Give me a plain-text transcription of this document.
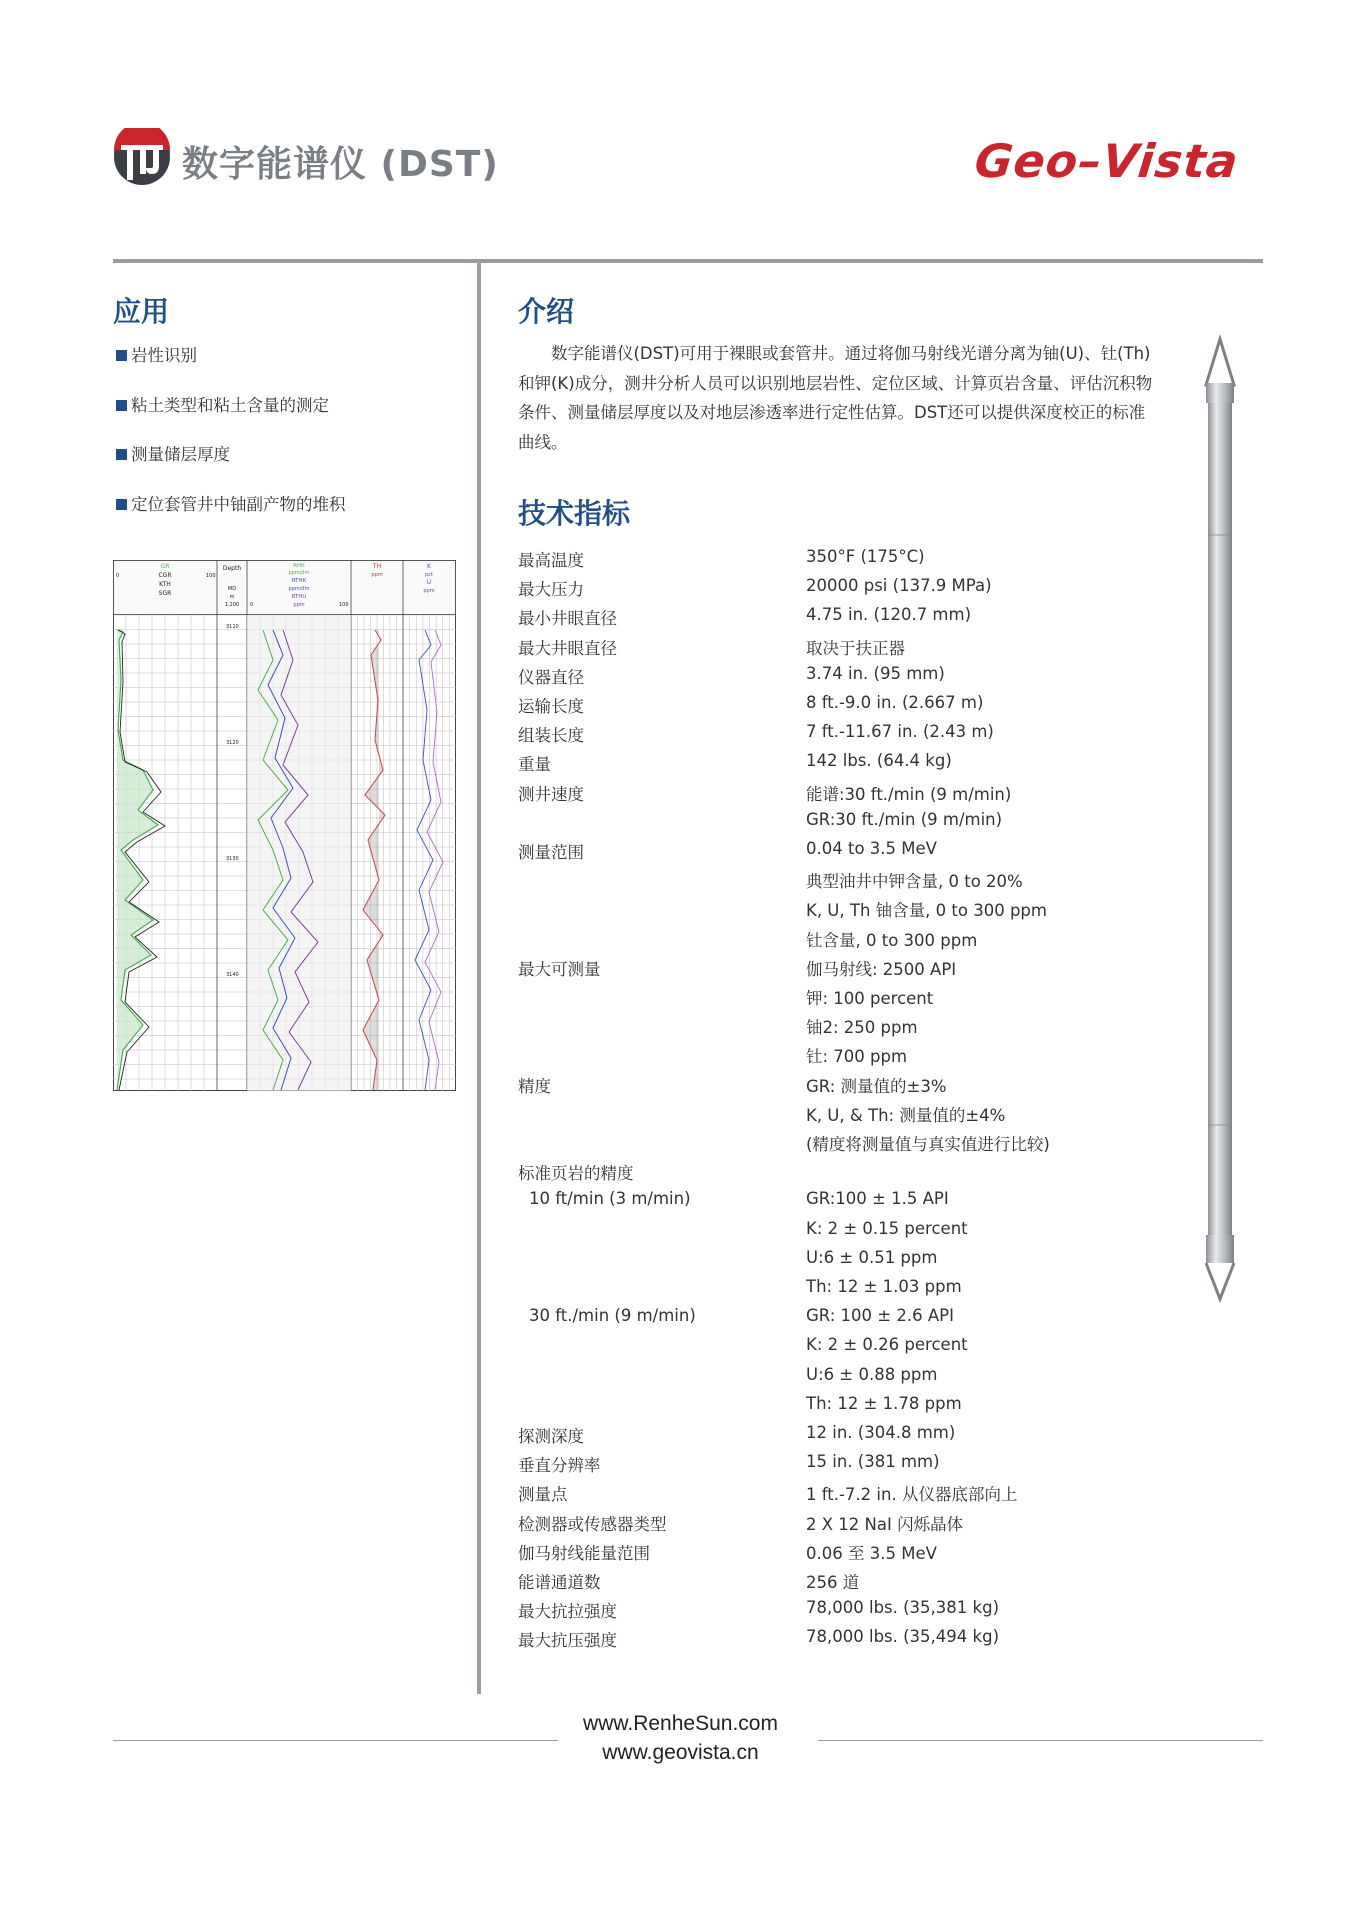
数字能谱仪 (DST)	Geo–Vista
应用
岩性识别
粘土类型和粘土含量的测定
测量储层厚度
定位套管井中铀副产物的堆积
GR
CGR
KTH
SGR
0	100
Depth
MD
m
1:200
RHK
ppm/dm
RTHK
ppm/dm
RTHU
ppm
0	100
TH
ppm
K
pct
U
ppm
3110
3120
3130
3140
介绍
数字能谱仪(DST)可用于裸眼或套管井。通过将伽马射线光谱分离为铀(U)、钍(Th)和钾(K)成分，测井分析人员可以识别地层岩性、定位区域、计算页岩含量、评估沉积物条件、测量储层厚度以及对地层渗透率进行定性估算。DST还可以提供深度校正的标准曲线。
技术指标
最高温度	350°F (175°C)
最大压力	20000 psi (137.9 MPa)
最小井眼直径	4.75 in. (120.7 mm)
最大井眼直径	取决于扶正器
仪器直径	3.74 in. (95 mm)
运输长度	8 ft.-9.0 in. (2.667 m)
组装长度	7 ft.-11.67 in. (2.43 m)
重量	142 lbs. (64.4 kg)
测井速度	能谱:30 ft./min (9 m/min)
GR:30 ft./min (9 m/min)
测量范围	0.04 to 3.5 MeV
典型油井中钾含量, 0 to 20%
K, U, Th 铀含量, 0 to 300 ppm
钍含量, 0 to 300 ppm
最大可测量	伽马射线: 2500 API
钾: 100 percent
铀2: 250 ppm
钍: 700 ppm
精度	GR: 测量值的±3%
K, U, & Th: 测量值的±4%
(精度将测量值与真实值进行比较)
标准页岩的精度
10 ft/min (3 m/min)	GR:100 ± 1.5 API
K: 2 ± 0.15 percent
U:6 ± 0.51 ppm
Th: 12 ± 1.03 ppm
30 ft./min (9 m/min)	GR: 100 ± 2.6 API
K: 2 ± 0.26 percent
U:6 ± 0.88 ppm
Th: 12 ± 1.78 ppm
探测深度	12 in. (304.8 mm)
垂直分辨率	15 in. (381 mm)
测量点	1 ft.-7.2 in. 从仪器底部向上
检测器或传感器类型	2 X 12 NaI 闪烁晶体
伽马射线能量范围	0.06 至 3.5 MeV
能谱通道数	256 道
最大抗拉强度	78,000 lbs. (35,381 kg)
最大抗压强度	78,000 lbs. (35,494 kg)
www.RenheSun.com
www.geovista.cn
